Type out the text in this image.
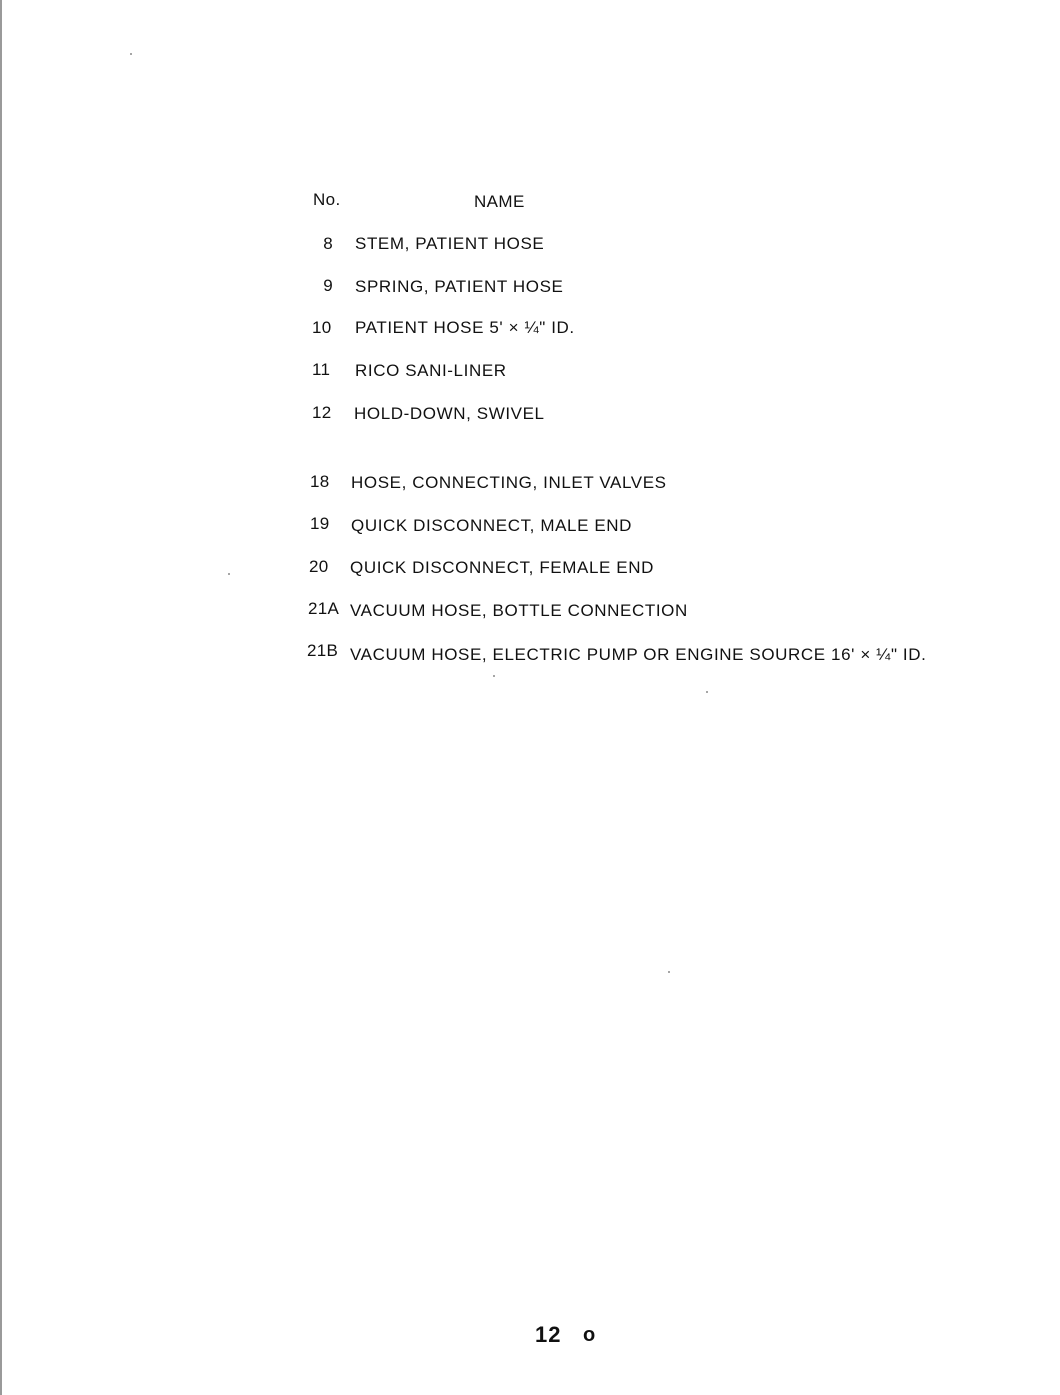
No.	NAME
8 STEM, PATIENT HOSE
9 SPRING, PATIENT HOSE
10	PATIENT HOSE 5' × ¼" ID.
11	RICO SANI-LINER
12	HOLD-DOWN, SWIVEL
18	HOSE, CONNECTING, INLET VALVES
19	QUICK DISCONNECT, MALE END
20	QUICK DISCONNECT, FEMALE END
21A VACUUM HOSE, BOTTLE CONNECTION
21B VACUUM HOSE, ELECTRIC PUMP OR ENGINE SOURCE 16' × ¼" ID.
12 o
